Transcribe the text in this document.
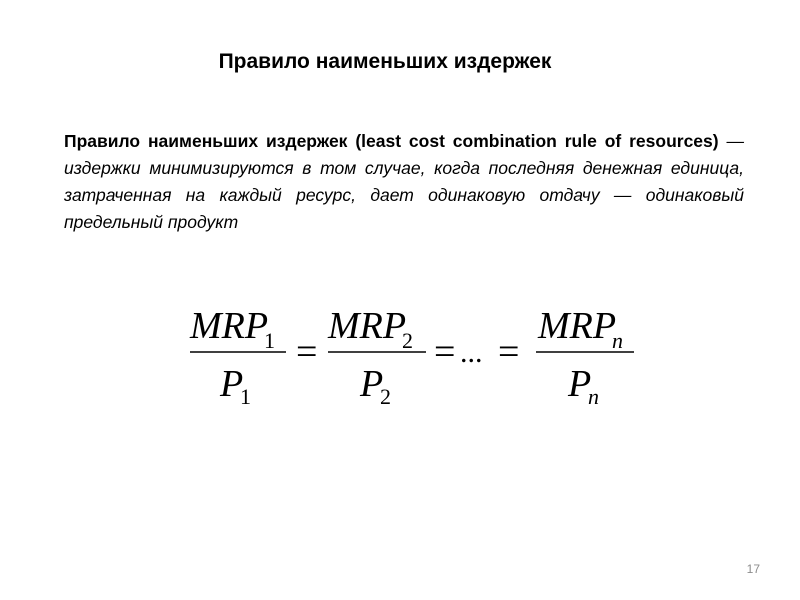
Правило наименьших издержек
Правило наименьших издержек (least cost combination rule of resources) —издержки минимизируются в том случае, когда последняя денежная единица, затраченная на каждый ресурс, дает одинаковую отдачу — одинаковый предельный продукт
MRP
1
P
1
=
MRP
2
P
2
= ... =
MRP
n
P
n
17
